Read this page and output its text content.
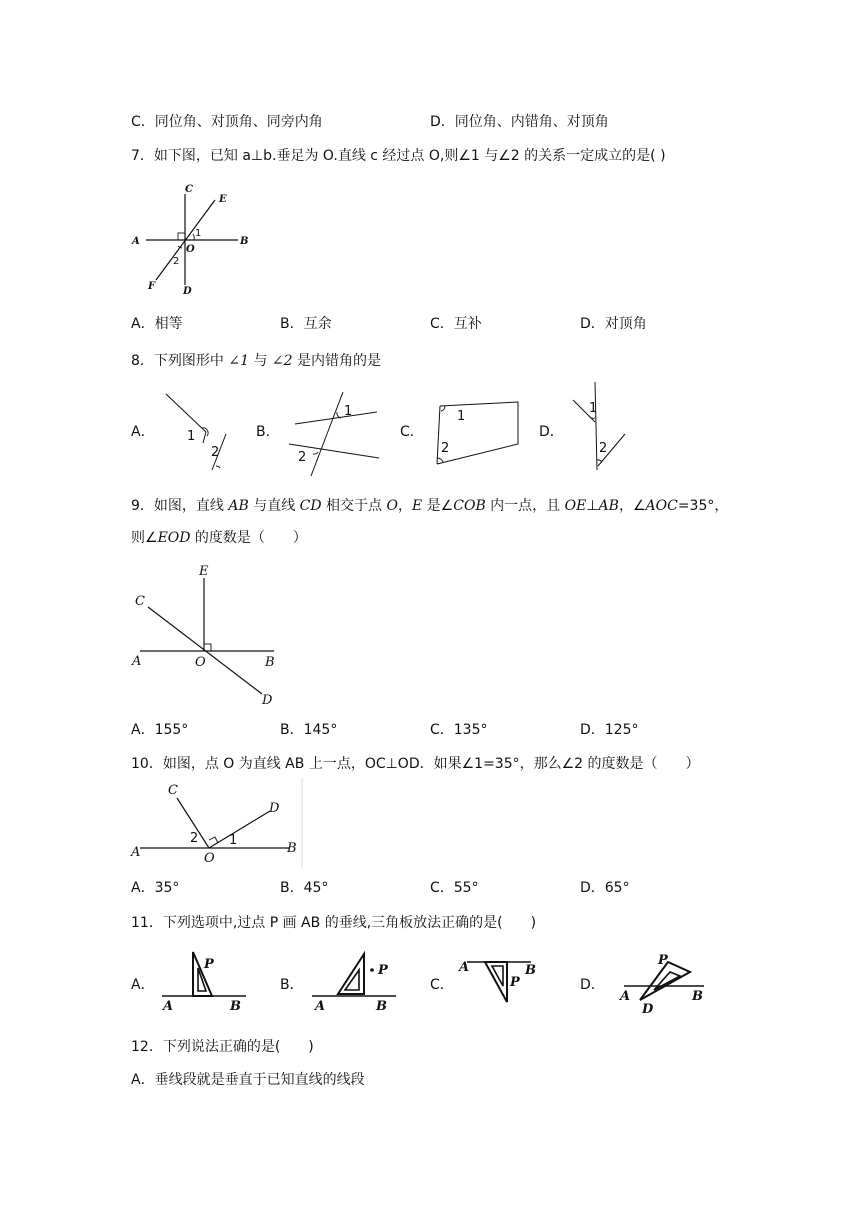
C．同位角、对顶角、同旁内角	D．同位角、内错角、对顶角
7．如下图，已知 a⊥b.垂足为 O.直线 c 经过点 O,则∠1 与∠2 的关系一定成立的是( )
A	B
C
D
E
F
O
1
2
A．相等	B．互余	C．互补	D．对顶角
8．下列图形中 ∠1 与 ∠2 是内错角的是
A． 1
2
B．
1
2
C．
1
2
D．
1
2
9．如图，直线 AB 与直线 CD 相交于点 O，E 是∠COB 内一点，且 OE⊥AB，∠AOC=35°，
则∠EOD 的度数是（　　）
E
C
A	O	B
D
A．155°	B．145°	C．135°	D．125°
10．如图，点 O 为直线 AB 上一点，OC⊥OD．如果∠1=35°，那么∠2 的度数是（　　）
C
D
A	B
O
1
2
A．35°	B．45°	C．55°	D．65°
11．下列选项中,过点 P 画 AB 的垂线,三角板放法正确的是(　　)
A．
P
A	B
B．
P
A	B
C．
A	B
P	D．
P
A	B
D
12．下列说法正确的是(　　)
A．垂线段就是垂直于已知直线的线段
